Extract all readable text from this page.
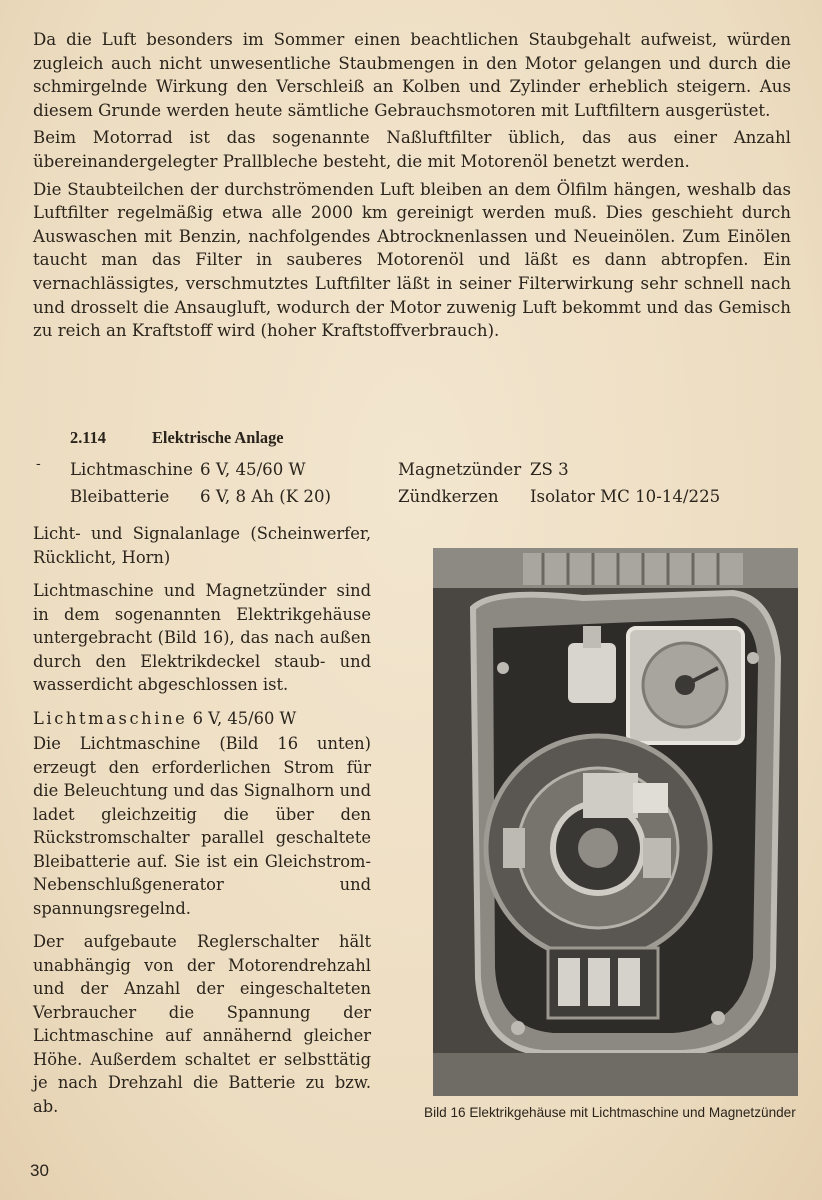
Da die Luft besonders im Sommer einen beachtlichen Staubgehalt aufweist, würden zugleich auch nicht unwesentliche Staubmengen in den Motor gelangen und durch die schmirgelnde Wirkung den Verschleiß an Kolben und Zylinder erheblich steigern. Aus diesem Grunde werden heute sämtliche Gebrauchsmotoren mit Luftfiltern ausgerüstet.

Beim Motorrad ist das sogenannte Naßluftfilter üblich, das aus einer Anzahl übereinandergelegter Prallbleche besteht, die mit Motorenöl benetzt werden.

Die Staubteilchen der durchströmenden Luft bleiben an dem Ölfilm hängen, weshalb das Luftfilter regelmäßig etwa alle 2000 km gereinigt werden muß. Dies geschieht durch Auswaschen mit Benzin, nachfolgendes Abtrocknenlassen und Neueinölen. Zum Einölen taucht man das Filter in sauberes Motorenöl und läßt es dann abtropfen. Ein vernachlässigtes, verschmutztes Luftfilter läßt in seiner Filterwirkung sehr schnell nach und drosselt die Ansaugluft, wodurch der Motor zuwenig Luft bekommt und das Gemisch zu reich an Kraftstoff wird (hoher Kraftstoffverbrauch).

2.114	Elektrische Anlage
- Lichtmaschine 6 V, 45/60 W
Bleibatterie 6 V, 8 Ah (K 20)
Magnetzünder ZS 3
Zündkerzen Isolator MC 10-14/225

Licht- und Signalanlage (Scheinwerfer, Rücklicht, Horn)

Lichtmaschine und Magnetzünder sind in dem sogenannten Elektrikgehäuse untergebracht (Bild 16), das nach außen durch den Elektrikdeckel staub- und wasserdicht abgeschlossen ist.

Lichtmaschine 6 V, 45/60 W

Die Lichtmaschine (Bild 16 unten) erzeugt den erforderlichen Strom für die Beleuchtung und das Signalhorn und ladet gleichzeitig die über den Rückstromschalter parallel geschaltete Bleibatterie auf. Sie ist ein Gleichstrom-Nebenschlußgenerator und spannungsregelnd.

Der aufgebaute Reglerschalter hält unabhängig von der Motorendrehzahl und der Anzahl der eingeschalteten Verbraucher die Spannung der Lichtmaschine auf annähernd gleicher Höhe. Außerdem schaltet er selbsttätig je nach Drehzahl die Batterie zu bzw. ab.	Bild 16 Elektrikgehäuse mit Lichtmaschine und Magnetzünder
30
